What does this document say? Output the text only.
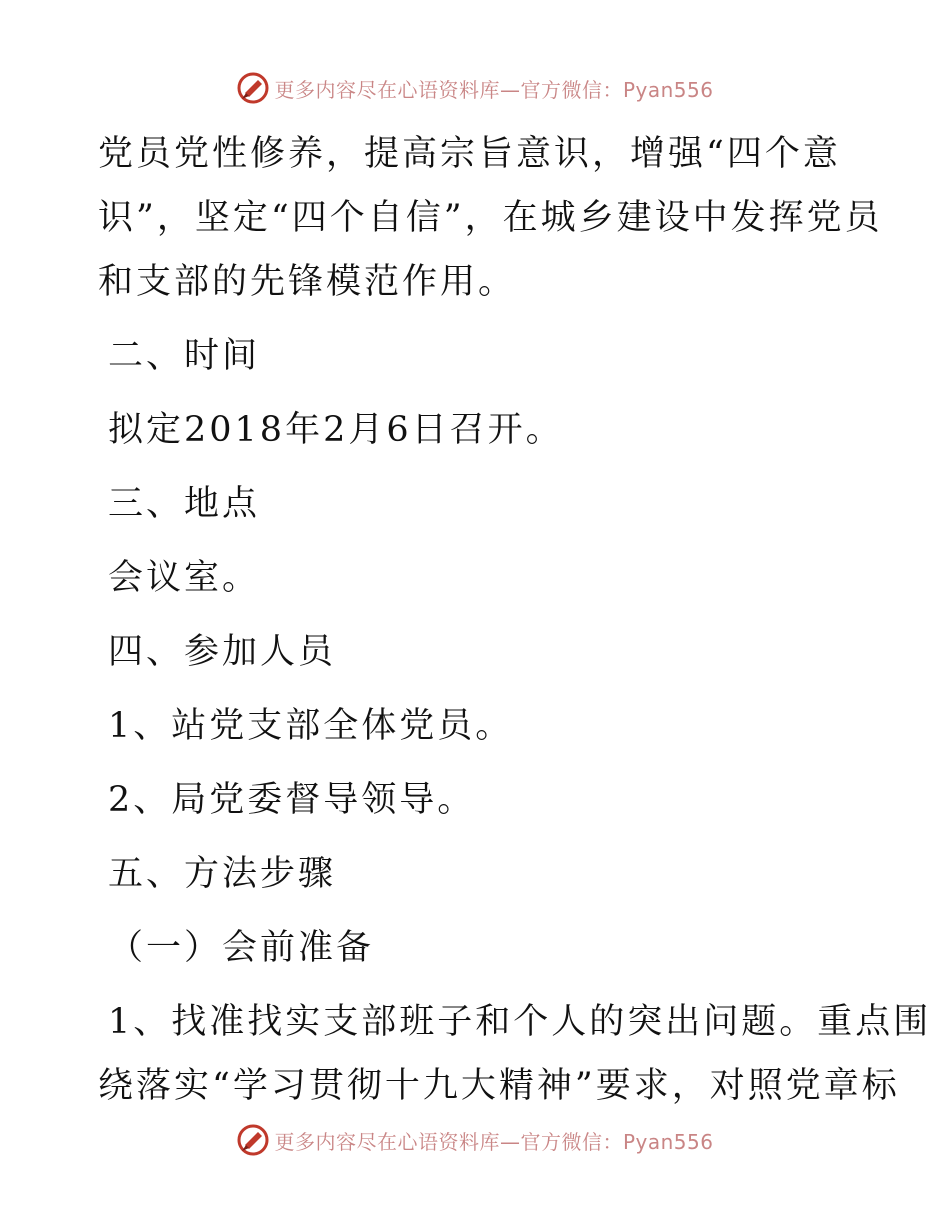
更多内容尽在心语资料库—官方微信：Pyan556
党员党性修养，提高宗旨意识，增强“四个意
识”，坚定“四个自信”，在城乡建设中发挥党员
和支部的先锋模范作用。
二、时间
拟定2018年2月6日召开。
三、地点
会议室。
四、参加人员
1、站党支部全体党员。
2、局党委督导领导。
五、方法步骤
（一）会前准备
1、找准找实支部班子和个人的突出问题。重点围
绕落实“学习贯彻十九大精神”要求，对照党章标
更多内容尽在心语资料库—官方微信：Pyan556
